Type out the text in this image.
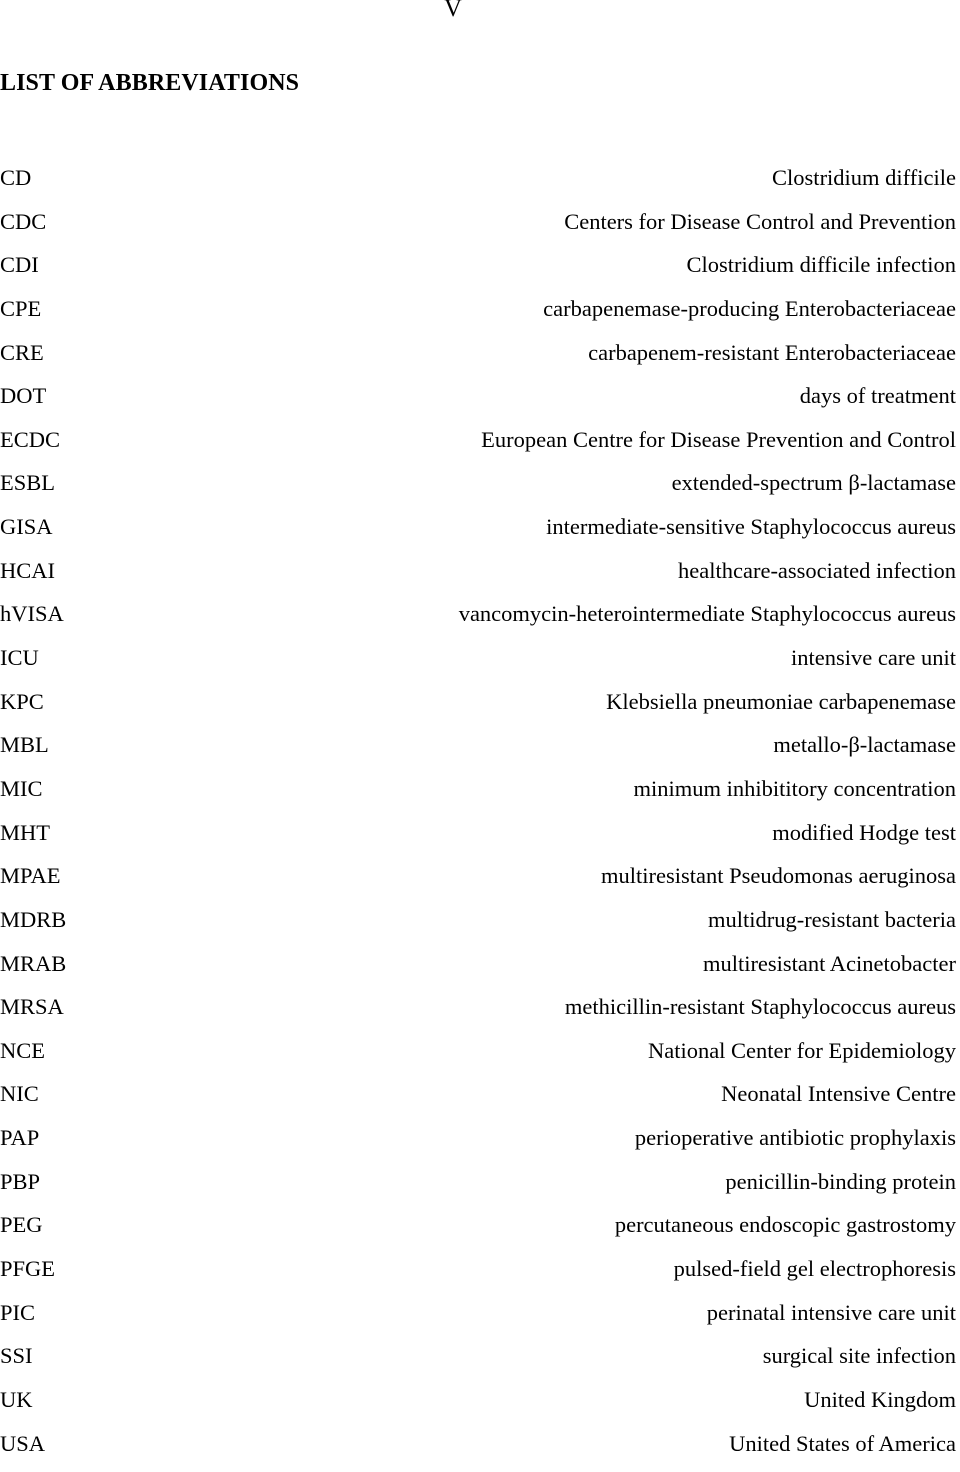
V
LIST OF ABBREVIATIONS
CD	Clostridium difficile
CDC	Centers for Disease Control and Prevention
CDI	Clostridium difficile infection
CPE	carbapenemase-producing Enterobacteriaceae
CRE	carbapenem-resistant Enterobacteriaceae
DOT	days of treatment
ECDC	European Centre for Disease Prevention and Control
ESBL	extended-spectrum β-lactamase
GISA	intermediate-sensitive Staphylococcus aureus
HCAI	healthcare-associated infection
hVISA	vancomycin-heterointermediate Staphylococcus aureus
ICU	intensive care unit
KPC	Klebsiella pneumoniae carbapenemase
MBL	metallo-β-lactamase
MIC	minimum inhibititory concentration
MHT	modified Hodge test
MPAE	multiresistant Pseudomonas aeruginosa
MDRB	multidrug-resistant bacteria
MRAB	multiresistant Acinetobacter
MRSA	methicillin-resistant Staphylococcus aureus
NCE	National Center for Epidemiology
NIC	Neonatal Intensive Centre
PAP	perioperative antibiotic prophylaxis
PBP	penicillin-binding protein
PEG	percutaneous endoscopic gastrostomy
PFGE	pulsed-field gel electrophoresis
PIC	perinatal intensive care unit
SSI	surgical site infection
UK	United Kingdom
USA	United States of America
